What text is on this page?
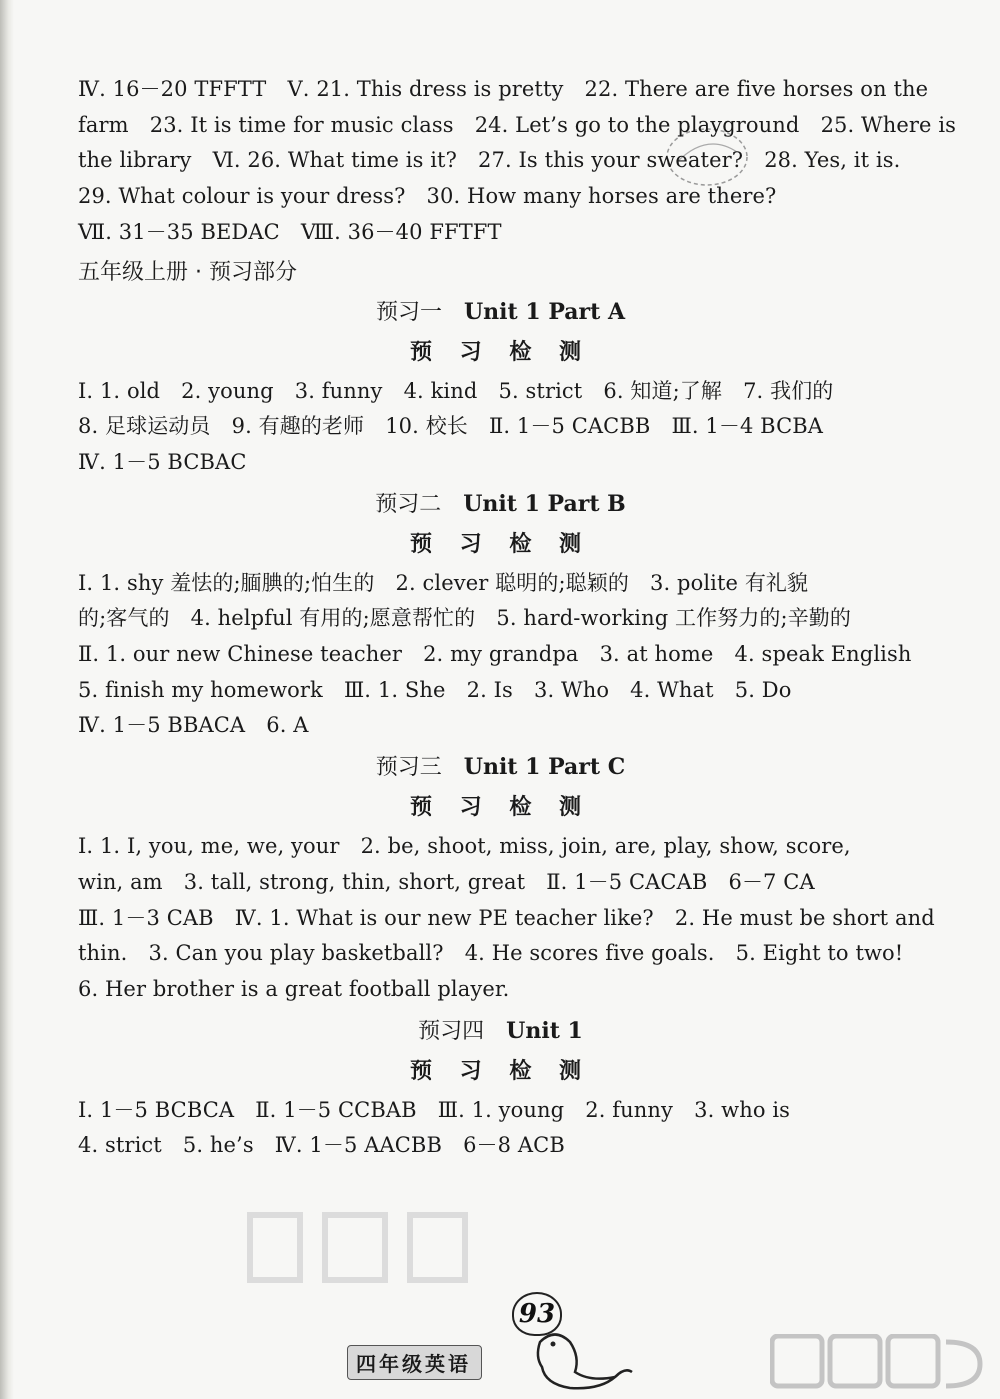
Ⅳ. 16－20 TFFTT　Ⅴ. 21. This dress is pretty　22. There are five horses on the
farm　23. It is time for music class　24. Let’s go to the playground　25. Where is
the library　Ⅵ. 26. What time is it?　27. Is this your sweater?　28. Yes, it is.
29. What colour is your dress?　30. How many horses are there?
Ⅶ. 31－35 BEDAC　Ⅷ. 36－40 FFTFT
五年级上册 · 预习部分
预习一 Unit 1 Part A
预 习 检 测
Ⅰ. 1. old　2. young　3. funny　4. kind　5. strict　6. 知道;了解　7. 我们的
8. 足球运动员　9. 有趣的老师　10. 校长　Ⅱ. 1－5 CACBB　Ⅲ. 1－4 BCBA
Ⅳ. 1－5 BCBAC
预习二 Unit 1 Part B
预 习 检 测
Ⅰ. 1. shy 羞怯的;腼腆的;怕生的　2. clever 聪明的;聪颖的　3. polite 有礼貌
的;客气的　4. helpful 有用的;愿意帮忙的　5. hard-working 工作努力的;辛勤的
Ⅱ. 1. our new Chinese teacher　2. my grandpa　3. at home　4. speak English
5. finish my homework　Ⅲ. 1. She　2. Is　3. Who　4. What　5. Do
Ⅳ. 1－5 BBACA　6. A
预习三 Unit 1 Part C
预 习 检 测
Ⅰ. 1. I, you, me, we, your　2. be, shoot, miss, join, are, play, show, score,
win, am　3. tall, strong, thin, short, great　Ⅱ. 1－5 CACAB　6－7 CA
Ⅲ. 1－3 CAB　Ⅳ. 1. What is our new PE teacher like?　2. He must be short and
thin.　3. Can you play basketball?　4. He scores five goals.　5. Eight to two!
6. Her brother is a great football player.
预习四 Unit 1
预 习 检 测
Ⅰ. 1－5 BCBCA　Ⅱ. 1－5 CCBAB　Ⅲ. 1. young　2. funny　3. who is
4. strict　5. he’s　Ⅳ. 1－5 AACBB　6－8 ACB
93
四年级英语
